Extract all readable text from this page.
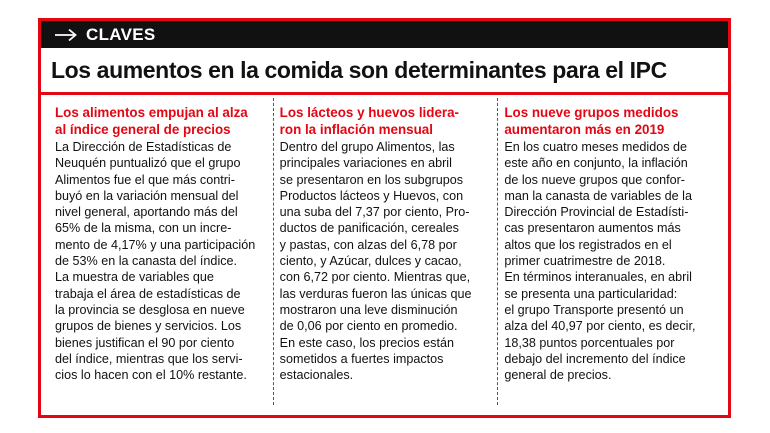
CLAVES
Los aumentos en la comida son determinantes para el IPC
Los alimentos empujan al alza
al índice general de precios

La Dirección de Estadísticas de

Neuquén puntualizó que el grupo

Alimentos fue el que más contri-

buyó en la variación mensual del

nivel general, aportando más del

65% de la misma, con un incre-

mento de 4,17% y una participación

de 53% en la canasta del índice.

La muestra de variables que

trabaja el área de estadísticas de

la provincia se desglosa en nueve

grupos de bienes y servicios. Los

bienes justifican el 90 por ciento

del índice, mientras que los servi-

cios lo hacen con el 10% restante.

Los lácteos y huevos lidera-
ron la inflación mensual

Dentro del grupo Alimentos, las

principales variaciones en abril

se presentaron en los subgrupos

Productos lácteos y Huevos, con

una suba del 7,37 por ciento, Pro-

ductos de panificación, cereales

y pastas, con alzas del 6,78 por

ciento, y Azúcar, dulces y cacao,

con 6,72 por ciento. Mientras que,

las verduras fueron las únicas que

mostraron una leve disminución

de 0,06 por ciento en promedio.

En este caso, los precios están

sometidos a fuertes impactos

estacionales.

Los nueve grupos medidos
aumentaron más en 2019

En los cuatro meses medidos de

este año en conjunto, la inflación

de los nueve grupos que confor-

man la canasta de variables de la

Dirección Provincial de Estadísti-

cas presentaron aumentos más

altos que los registrados en el

primer cuatrimestre de 2018.

En términos interanuales, en abril

se presenta una particularidad:

el grupo Transporte presentó un

alza del 40,97 por ciento, es decir,

18,38 puntos porcentuales por

debajo del incremento del índice

general de precios.
